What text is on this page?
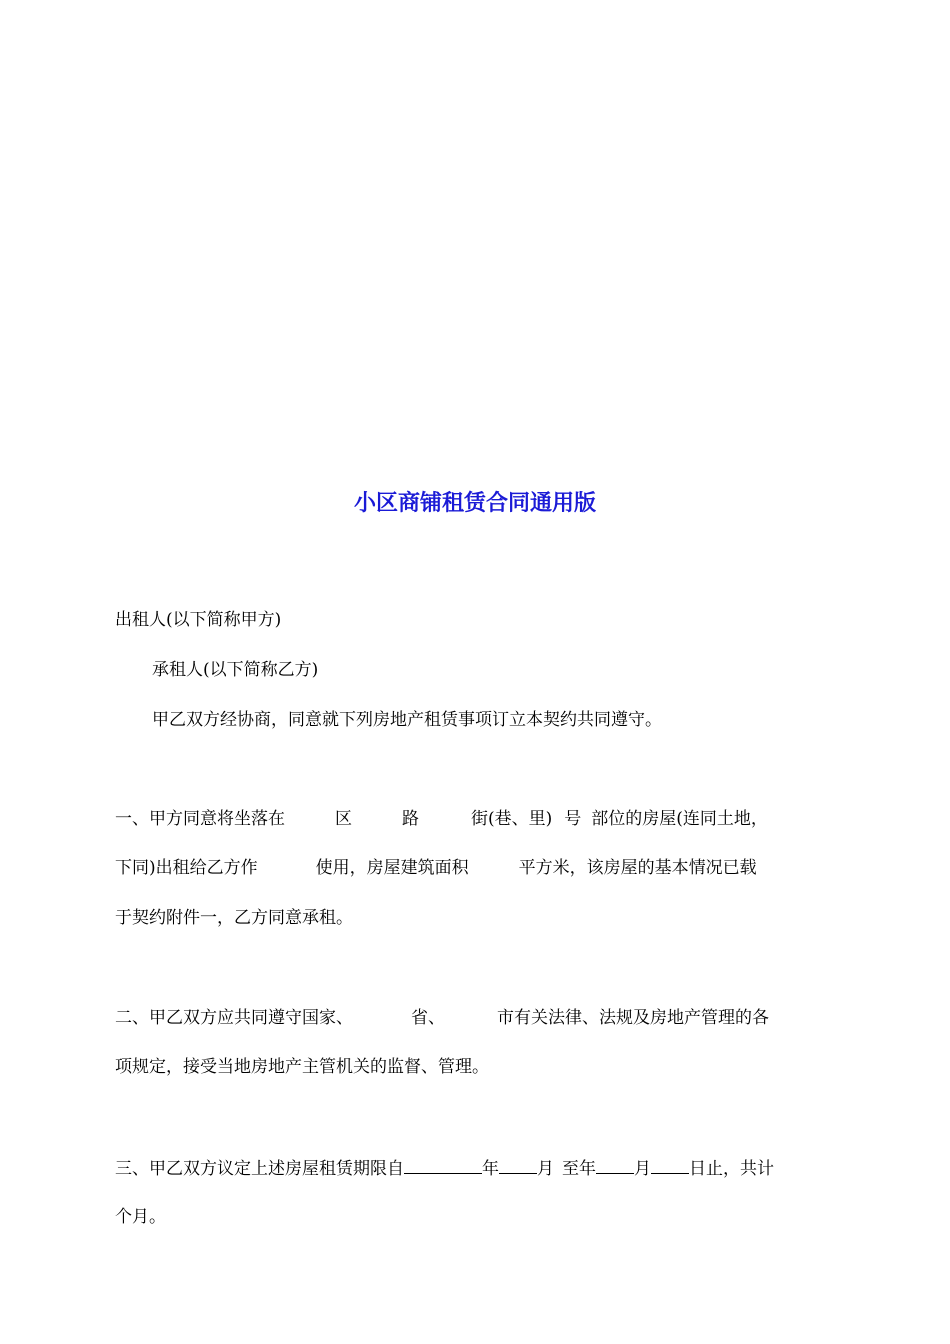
小区商铺租赁合同通用版
出租人(以下简称甲方)
承租人(以下简称乙方)
甲乙双方经协商，同意就下列房地产租赁事项订立本契约共同遵守。
一、甲方同意将坐落在	区	路	街(巷、里) 号 部位的房屋(连同土地，
下同)出租给乙方作	使用，房屋建筑面积	平方米，该房屋的基本情况已载
于契约附件一，乙方同意承租。
二、甲乙双方应共同遵守国家、	省、	市有关法律、法规及房地产管理的各
项规定，接受当地房地产主管机关的监督、管理。
三、甲乙双方议定上述房屋租赁期限自	年 月 至年 月 日止，共计
个月。
